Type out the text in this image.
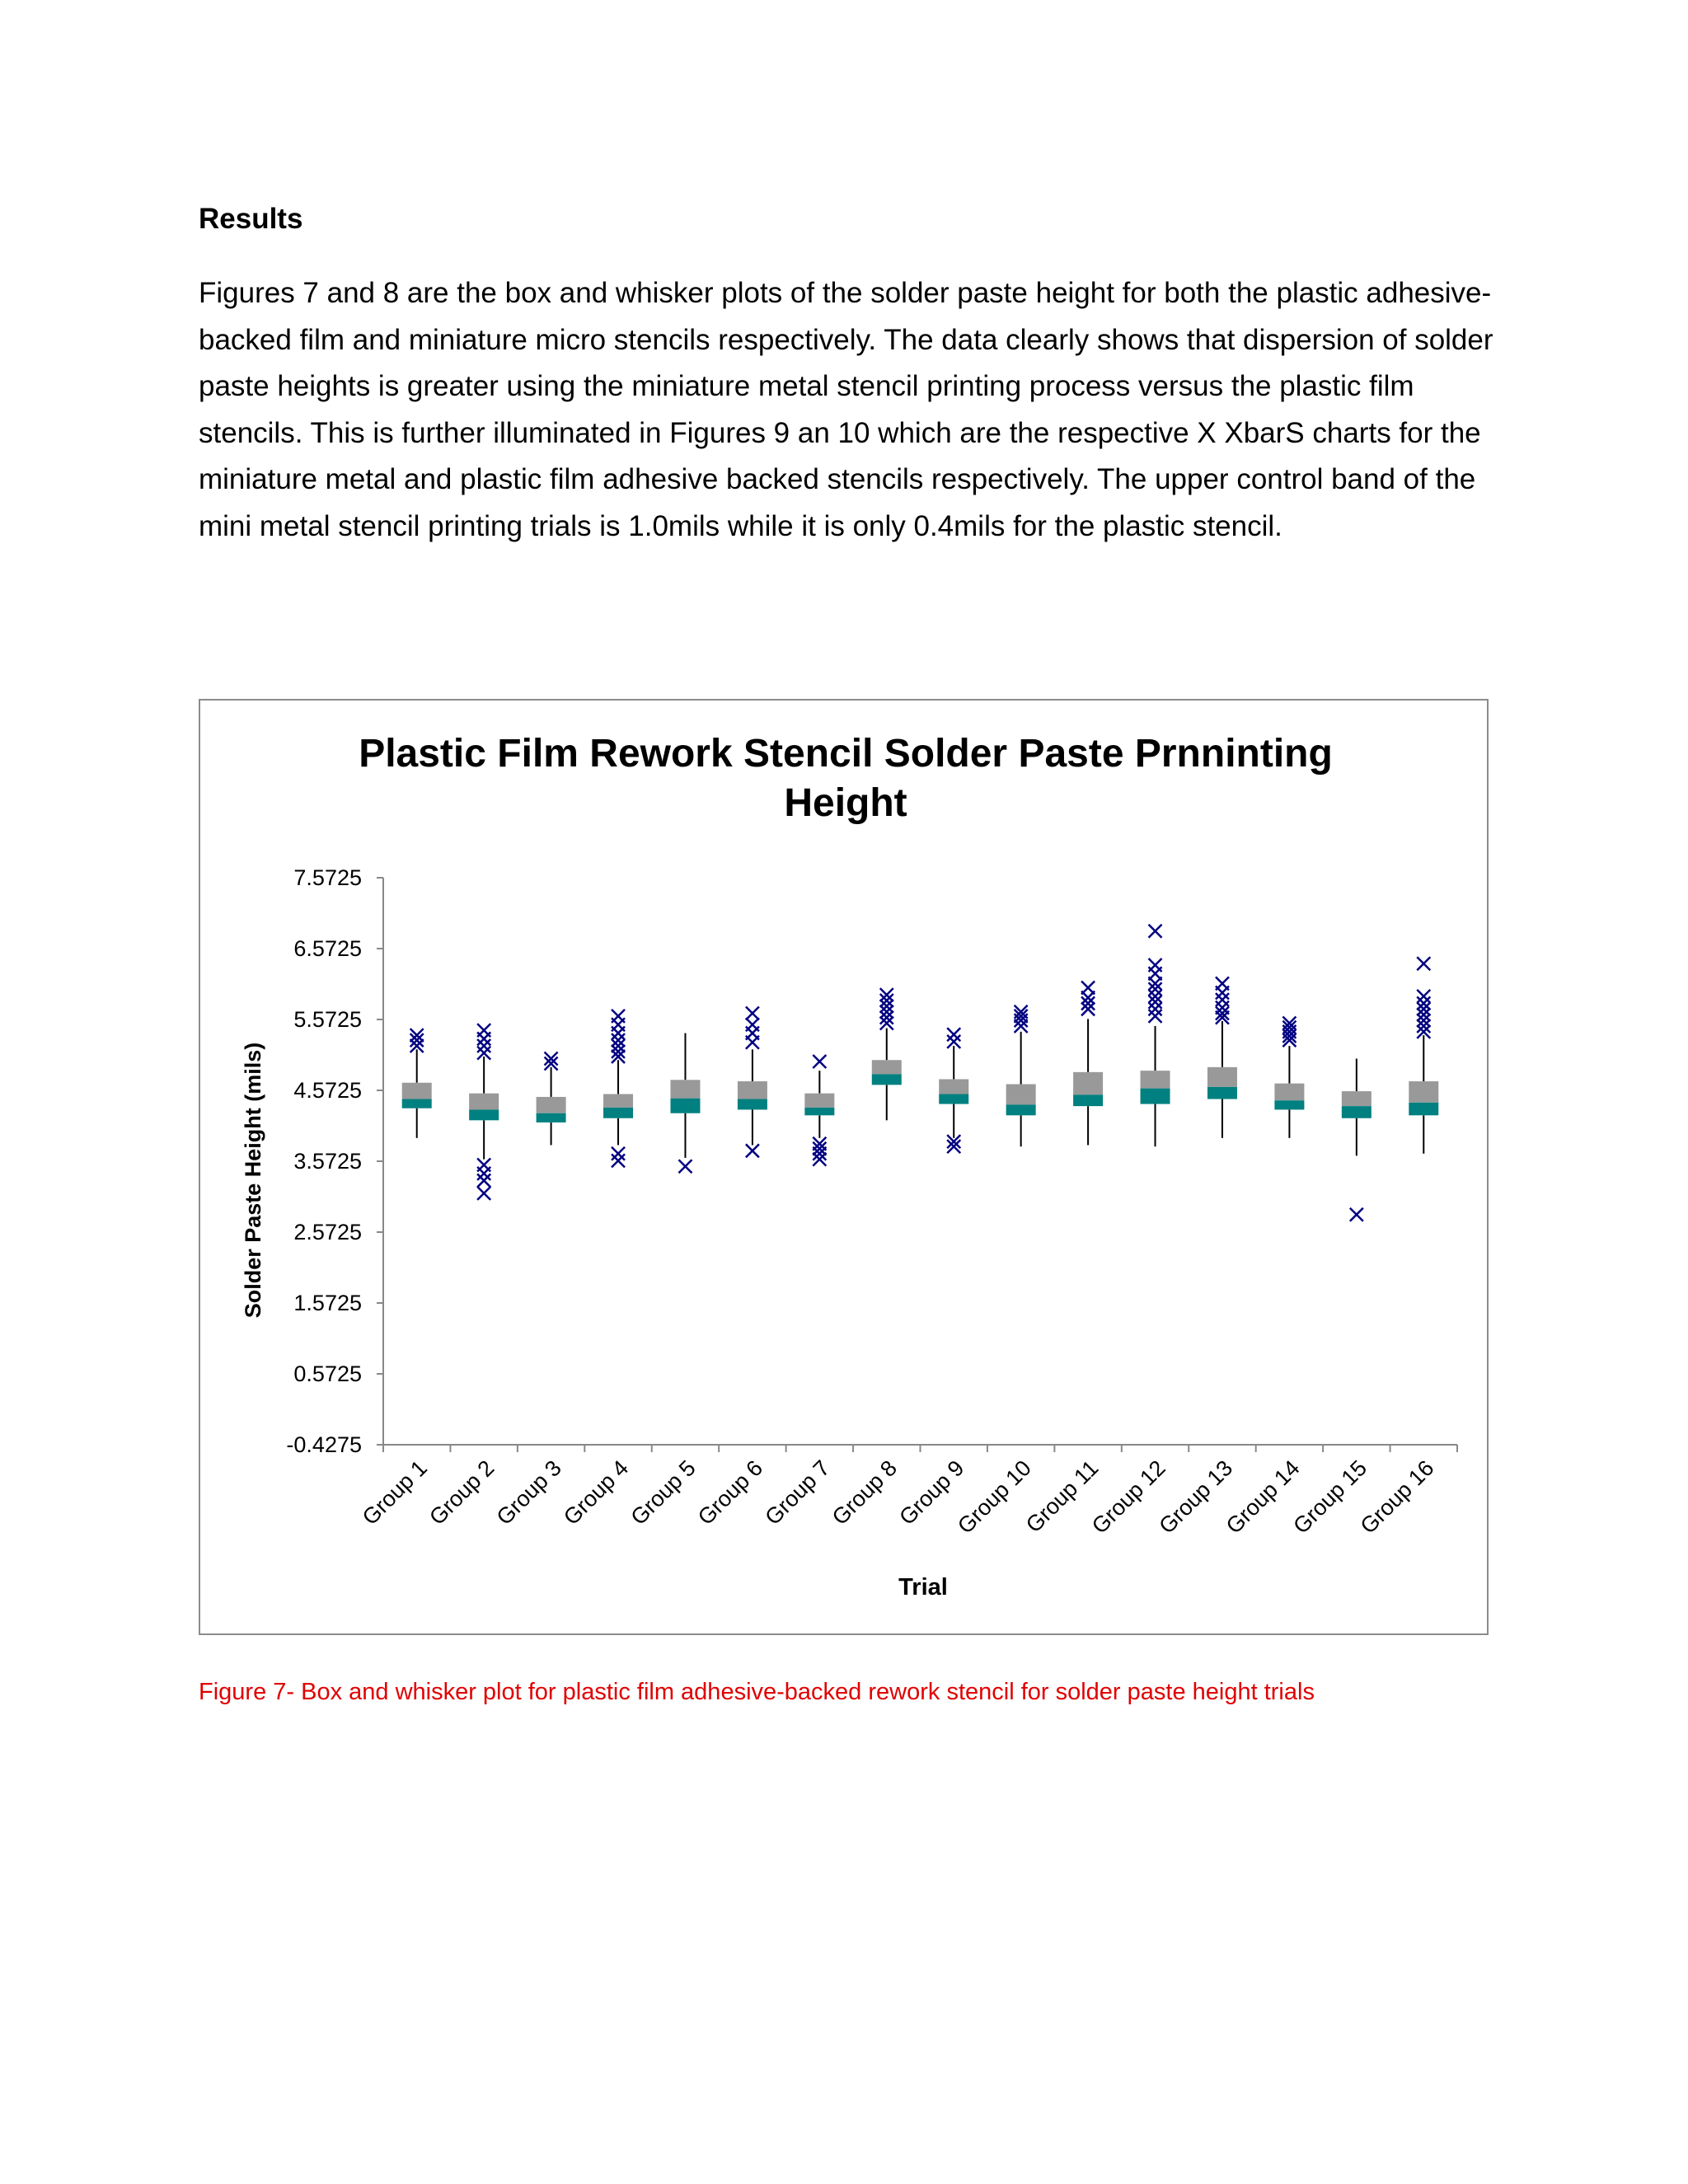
Results

Figures 7 and 8 are the box and whisker plots of the solder paste height for both the plastic adhesive-backed film and miniature micro stencils respectively. The data clearly shows that dispersion of solder paste heights is greater using the miniature metal stencil printing process versus the plastic film stencils. This is further illuminated in Figures 9 an 10 which are the respective X XbarS charts for the miniature metal and plastic film adhesive backed stencils respectively. The upper control band of the mini metal stencil printing trials is 1.0mils while it is only 0.4mils for the plastic stencil.

Plastic Film Rework Stencil Solder Paste Prnninting
Height
Solder Paste Height (mils)
Trial
7.5725
6.5725
5.5725
4.5725
3.5725
2.5725
1.5725
0.5725
-0.4275
Group 1
Group 2
Group 3
Group 4
Group 5
Group 6
Group 7
Group 8
Group 9
Group 10
Group 11
Group 12
Group 13
Group 14
Group 15
Group 16

Figure 7- Box and whisker plot for plastic film adhesive-backed rework stencil for solder paste height trials
